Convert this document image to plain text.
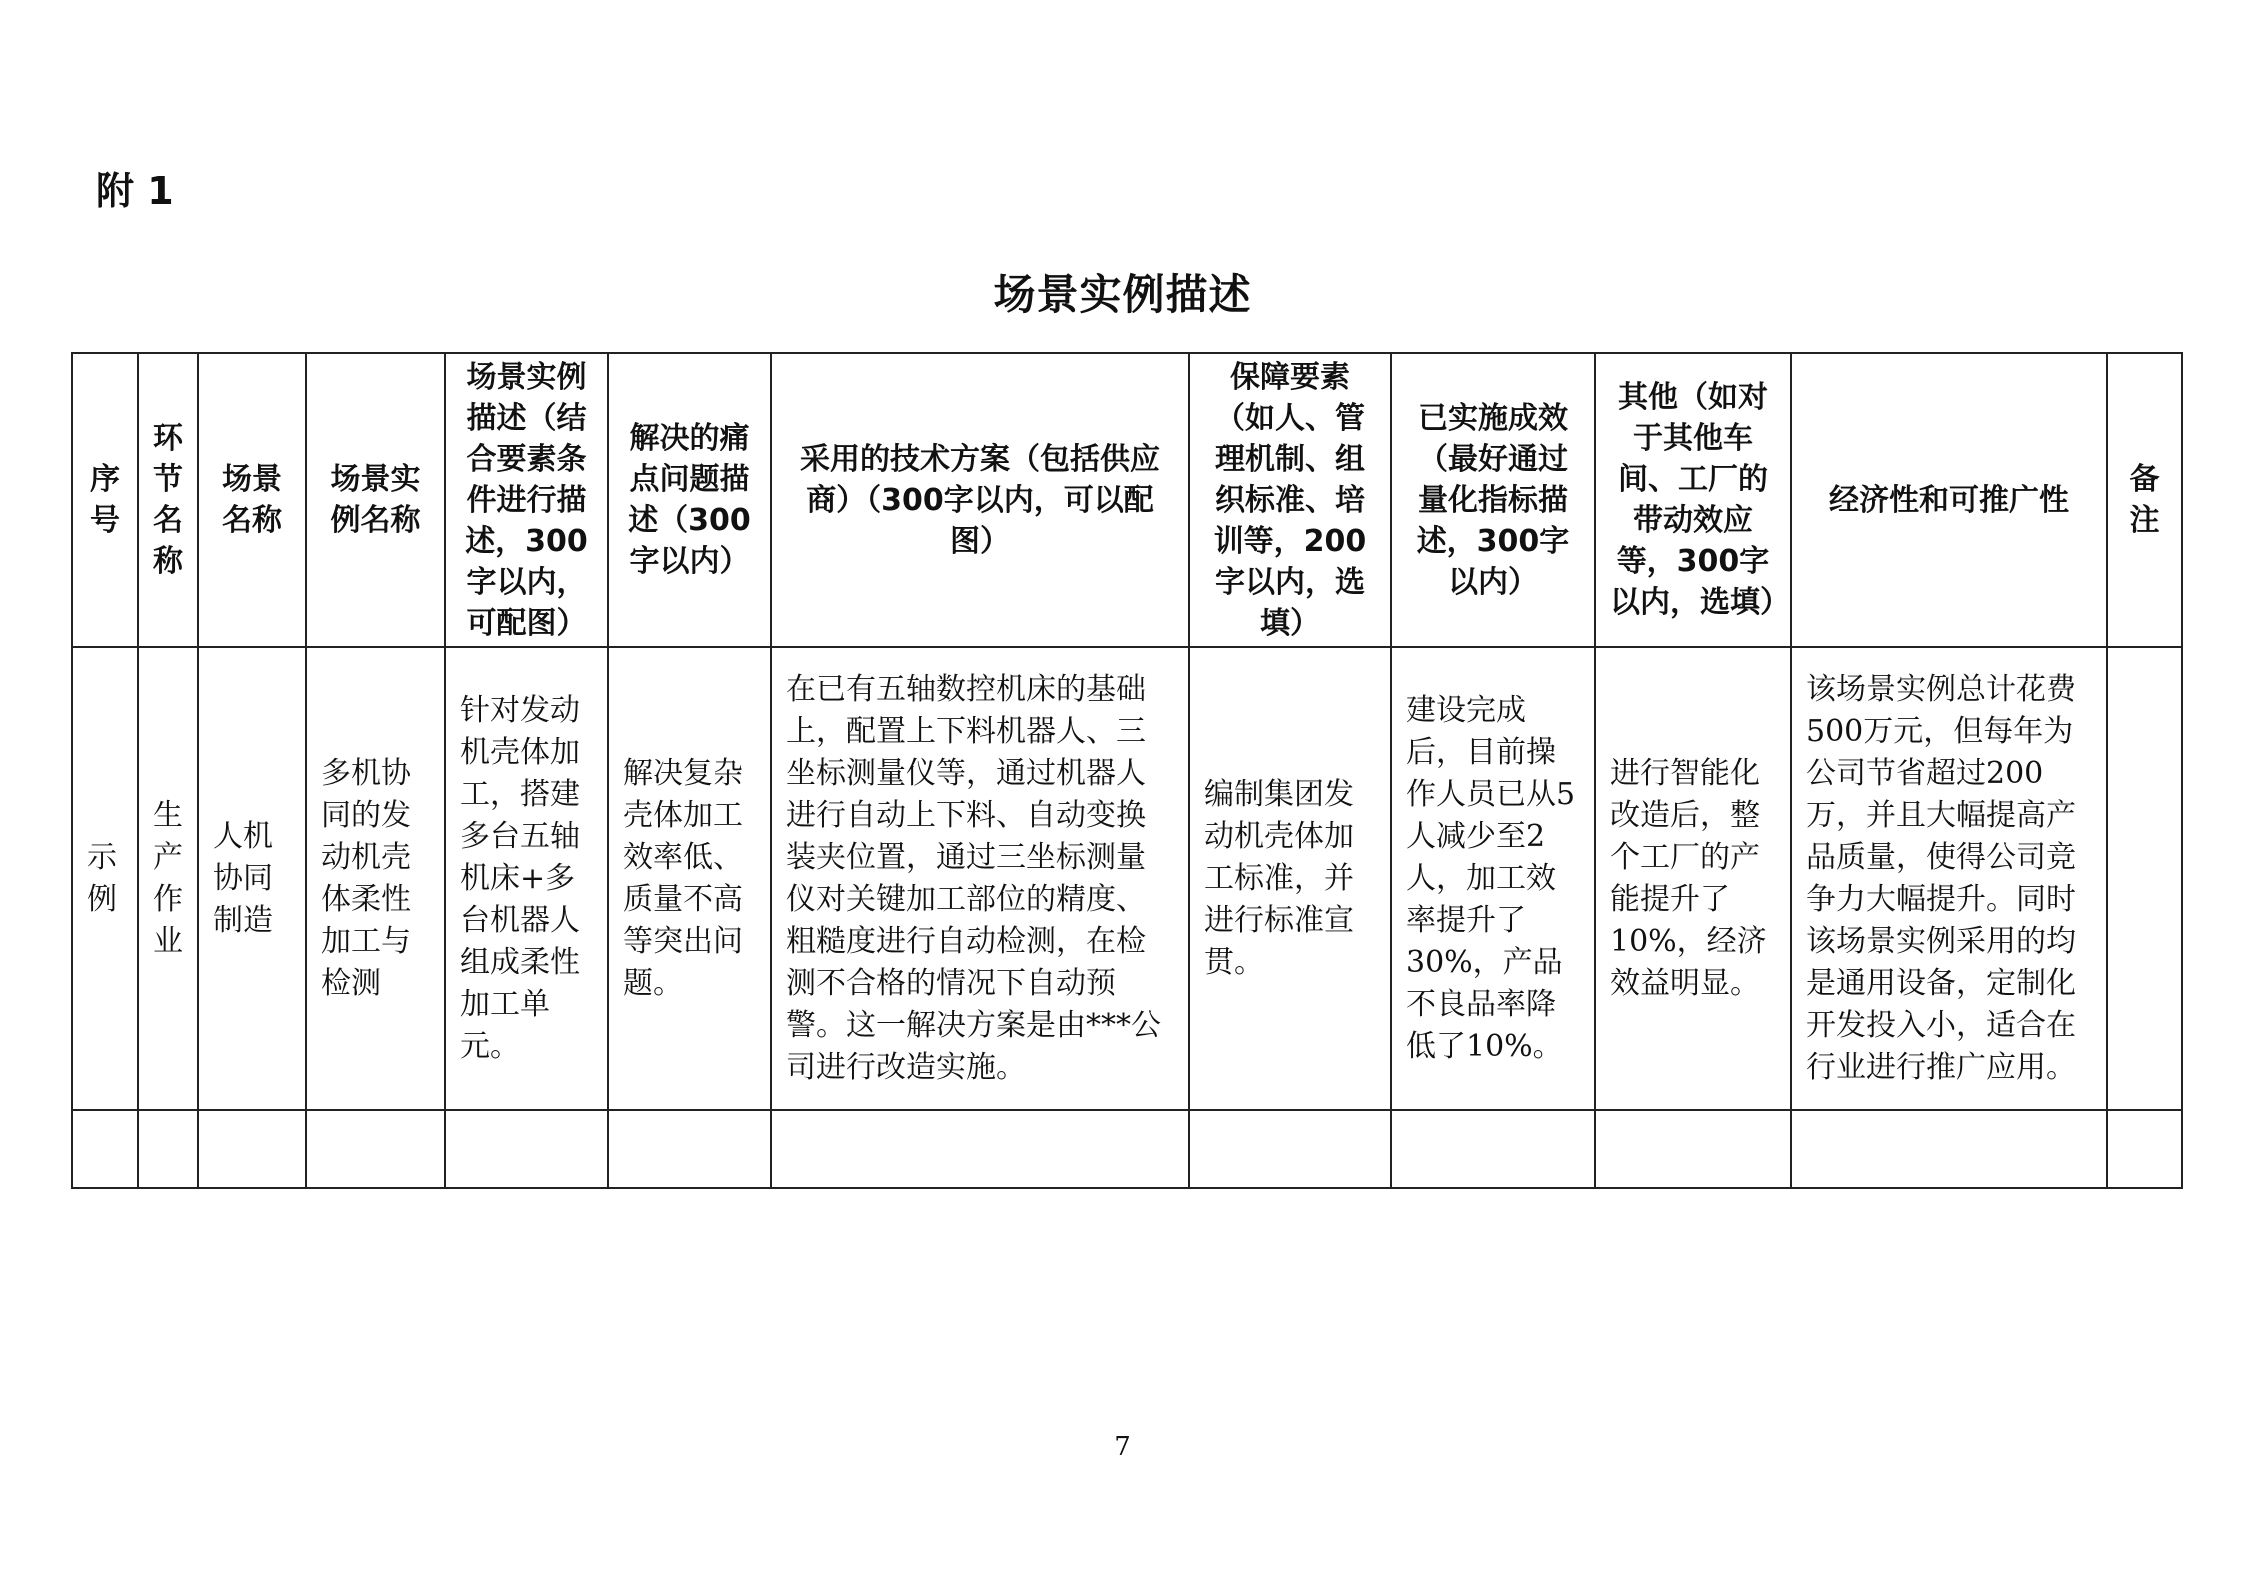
附 1
场景实例描述
序号	环节名称	场景名称	场景实例名称	场景实例描述（结合要素条件进行描述，300字以内，可配图）	解决的痛点问题描述（300字以内）	采用的技术方案（包括供应商）（300字以内，可以配图）	保障要素（如人、管理机制、组织标准、培训等，200字以内，选填）	已实施成效（最好通过量化指标描述，300字以内）	其他（如对于其他车间、工厂的带动效应等，300字以内，选填）	经济性和可推广性	备注
示例	生产作业	人机协同制造	多机协同的发动机壳体柔性加工与检测	针对发动机壳体加工，搭建多台五轴机床+多台机器人组成柔性加工单元。	解决复杂壳体加工效率低、质量不高等突出问题。	在已有五轴数控机床的基础上，配置上下料机器人、三坐标测量仪等，通过机器人进行自动上下料、自动变换装夹位置，通过三坐标测量仪对关键加工部位的精度、粗糙度进行自动检测，在检测不合格的情况下自动预警。这一解决方案是由***公司进行改造实施。	编制集团发动机壳体加工标准，并进行标准宣贯。	建设完成后，目前操作人员已从5人减少至2人，加工效率提升了30%，产品不良品率降低了10%。	进行智能化改造后，整个工厂的产能提升了10%，经济效益明显。	该场景实例总计花费500万元，但每年为公司节省超过200万，并且大幅提高产品质量，使得公司竞争力大幅提升。同时该场景实例采用的均是通用设备，定制化开发投入小，适合在行业进行推广应用。	

7
